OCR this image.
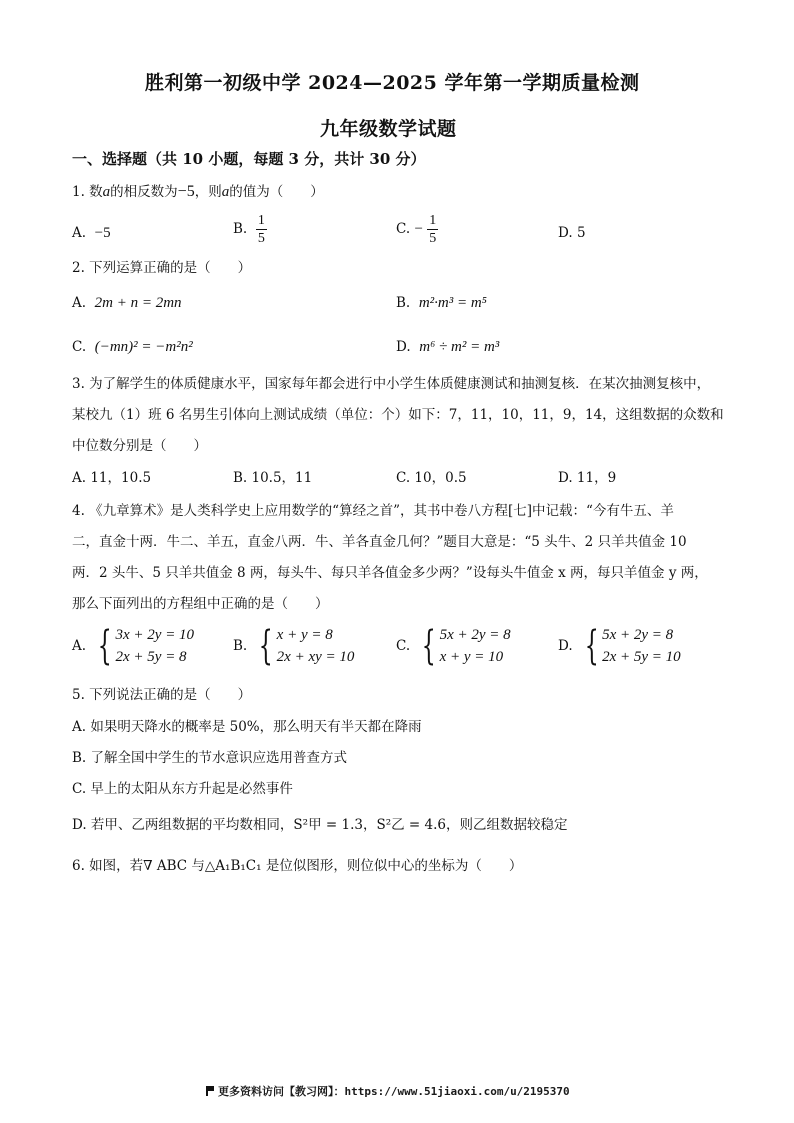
胜利第一初级中学 2024—2025 学年第一学期质量检测
九年级数学试题
一、选择题（共 10 小题，每题 3 分，共计 30 分）
1. 数a的相反数为−5，则a的值为（　　）
A. −5	B. $\frac{1}{5}$	C. − $\frac{1}{5}$	D. 5
2. 下列运算正确的是（　　）
A. 2m + n = 2mn	B. m²·m³ = m⁵
C. (−mn)² = −m²n²	D. m⁶ ÷ m² = m³
3. 为了解学生的体质健康水平，国家每年都会进行中小学生体质健康测试和抽测复核．在某次抽测复核中，
某校九（1）班 6 名男生引体向上测试成绩（单位：个）如下：7，11，10，11，9，14，这组数据的众数和
中位数分别是（　　）
A. 11，10.5	B. 10.5，11	C. 10，0.5	D. 11，9
4. 《九章算术》是人类科学史上应用数学的“算经之首”，其书中卷八方程[七]中记载：“今有牛五、羊
二，直金十两．牛二、羊五，直金八两．牛、羊各直金几何？”题目大意是：“5 头牛、2 只羊共值金 10
两．2 头牛、5 只羊共值金 8 两，每头牛、每只羊各值金多少两？”设每头牛值金 x 两，每只羊值金 y 两，
那么下面列出的方程组中正确的是（　　）
A. { 3x + 2y = 10
2x + 5y = 8
B. { x + y = 8
2x + xy = 10
C. { 5x + 2y = 8
x + y = 10
D. { 5x + 2y = 8
2x + 5y = 10
5. 下列说法正确的是（　　）
A. 如果明天降水的概率是 50%，那么明天有半天都在降雨
B. 了解全国中学生的节水意识应选用普查方式
C. 早上的太阳从东方升起是必然事件
D. 若甲、乙两组数据的平均数相同，S²甲 = 1.3，S²乙 = 4.6，则乙组数据较稳定
6. 如图，若∇ ABC 与△A₁B₁C₁ 是位似图形，则位似中心的坐标为（　　）
更多资料访问【教习网】：https://www.51jiaoxi.com/u/2195370
